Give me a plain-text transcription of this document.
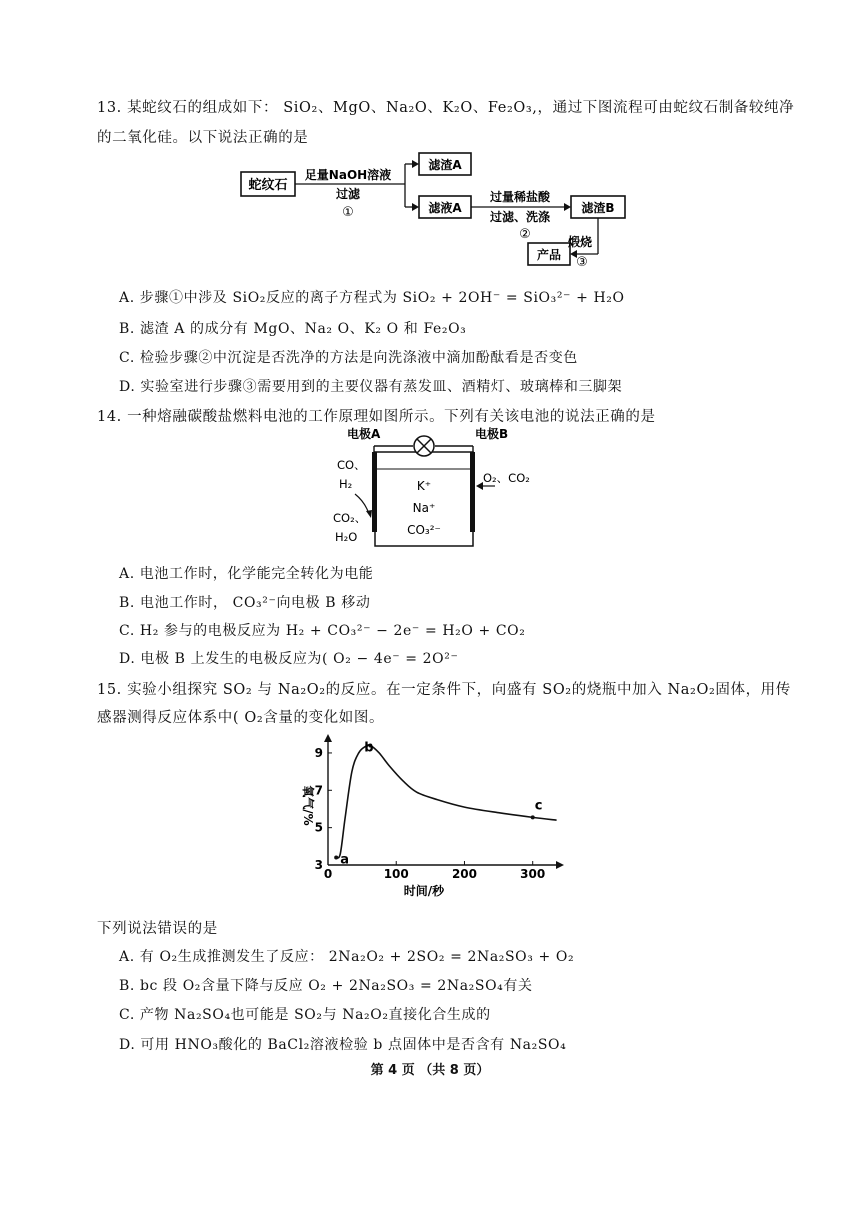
13. 某蛇纹石的组成如下： SiO₂、MgO、Na₂O、K₂O、Fe₂O₃,，通过下图流程可由蛇纹石制备较纯净
的二氧化硅。以下说法正确的是
蛇纹石
足量NaOH溶液
过滤
①
滤渣A
滤液A
过量稀盐酸
过滤、洗涤
②
滤渣B
产品
煅烧
③
A. 步骤①中涉及 SiO₂反应的离子方程式为 SiO₂ + 2OH⁻ = SiO₃²⁻ + H₂O
B. 滤渣 A 的成分有 MgO、Na₂ O、K₂ O 和 Fe₂O₃
C. 检验步骤②中沉淀是否洗净的方法是向洗涤液中滴加酚酞看是否变色
D. 实验室进行步骤③需要用到的主要仪器有蒸发皿、酒精灯、玻璃棒和三脚架
14. 一种熔融碳酸盐燃料电池的工作原理如图所示。下列有关该电池的说法正确的是
电极A	电极B
CO、
H₂
CO₂、
H₂O
O₂、CO₂
K⁺
Na⁺
CO₃²⁻
A. 电池工作时，化学能完全转化为电能
B. 电池工作时， CO₃²⁻向电极 B 移动
C. H₂ 参与的电极反应为 H₂ + CO₃²⁻ − 2e⁻ = H₂O + CO₂
D. 电极 B 上发生的电极反应为( O₂ − 4e⁻ = 2O²⁻
15. 实验小组探究 SO₂ 与 Na₂O₂的反应。在一定条件下，向盛有 SO₂的烧瓶中加入 Na₂O₂固体，用传
感器测得反应体系中( O₂含量的变化如图。
0	100	200	300
3
5
7
9
时间/秒
氧气/%
a
b
c
下列说法错误的是
A. 有 O₂生成推测发生了反应： 2Na₂O₂ + 2SO₂ = 2Na₂SO₃ + O₂
B. bc 段 O₂含量下降与反应 O₂ + 2Na₂SO₃ = 2Na₂SO₄有关
C. 产物 Na₂SO₄也可能是 SO₂与 Na₂O₂直接化合生成的
D. 可用 HNO₃酸化的 BaCl₂溶液检验 b 点固体中是否含有 Na₂SO₄
第 4 页 （共 8 页）
